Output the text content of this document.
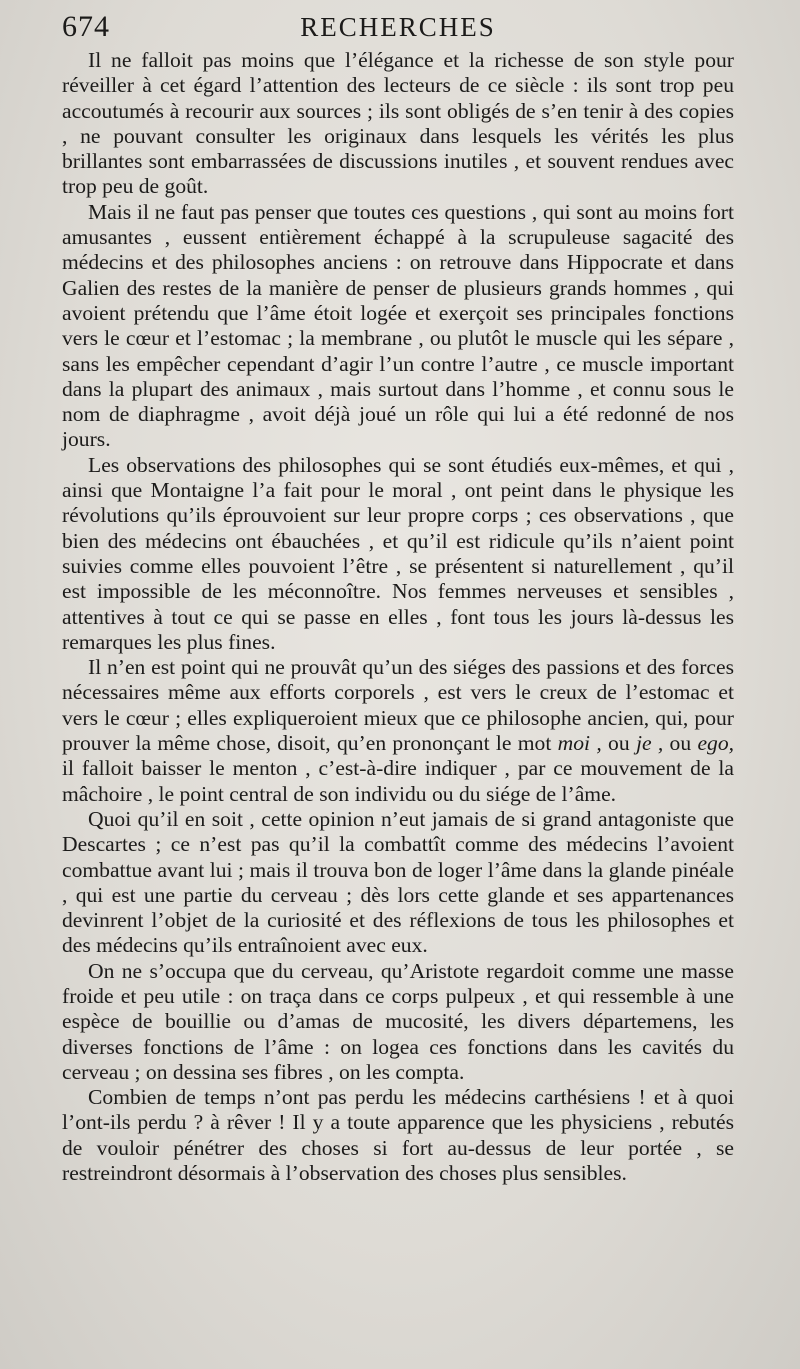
674	RECHERCHES

Il ne falloit pas moins que l’élégance et la richesse de son style pour réveiller à cet égard l’attention des lecteurs de ce siècle : ils sont trop peu accoutumés à recourir aux sources ; ils sont obligés de s’en tenir à des copies , ne pouvant consulter les originaux dans lesquels les vérités les plus brillantes sont embarrassées de discussions inutiles , et souvent rendues avec trop peu de goût.

Mais il ne faut pas penser que toutes ces questions , qui sont au moins fort amusantes , eussent entièrement échappé à la scrupuleuse sagacité des médecins et des philosophes anciens : on retrouve dans Hippocrate et dans Galien des restes de la manière de penser de plusieurs grands hommes , qui avoient prétendu que l’âme étoit logée et exerçoit ses principales fonctions vers le cœur et l’estomac ; la membrane , ou plutôt le muscle qui les sépare , sans les empêcher cependant d’agir l’un contre l’autre , ce muscle important dans la plupart des animaux , mais surtout dans l’homme , et connu sous le nom de diaphragme , avoit déjà joué un rôle qui lui a été redonné de nos jours.

Les observations des philosophes qui se sont étudiés eux-mêmes, et qui , ainsi que Montaigne l’a fait pour le moral , ont peint dans le physique les révolutions qu’ils éprouvoient sur leur propre corps ; ces observations , que bien des médecins ont ébauchées , et qu’il est ridicule qu’ils n’aient point suivies comme elles pouvoient l’être , se présentent si naturellement , qu’il est impossible de les méconnoître. Nos femmes nerveuses et sensibles , attentives à tout ce qui se passe en elles , font tous les jours là-dessus les remarques les plus fines.

Il n’en est point qui ne prouvât qu’un des siéges des passions et des forces nécessaires même aux efforts corporels , est vers le creux de l’estomac et vers le cœur ; elles expliqueroient mieux que ce philosophe ancien, qui, pour prouver la même chose, disoit, qu’en prononçant le mot moi , ou je , ou ego, il falloit baisser le menton , c’est-à-dire indiquer , par ce mouvement de la mâchoire , le point central de son individu ou du siége de l’âme.

Quoi qu’il en soit , cette opinion n’eut jamais de si grand antagoniste que Descartes ; ce n’est pas qu’il la combattît comme des médecins l’avoient combattue avant lui ; mais il trouva bon de loger l’âme dans la glande pinéale , qui est une partie du cerveau ; dès lors cette glande et ses appartenances devinrent l’objet de la curiosité et des réflexions de tous les philosophes et des médecins qu’ils entraînoient avec eux.

On ne s’occupa que du cerveau, qu’Aristote regardoit comme une masse froide et peu utile : on traça dans ce corps pulpeux , et qui ressemble à une espèce de bouillie ou d’amas de mucosité, les divers départemens, les diverses fonctions de l’âme : on logea ces fonctions dans les cavités du cerveau ; on dessina ses fibres , on les compta.

Combien de temps n’ont pas perdu les médecins carthésiens ! et à quoi l’ont-ils perdu ? à rêver ! Il y a toute apparence que les physiciens , rebutés de vouloir pénétrer des choses si fort au-dessus de leur portée , se restreindront désormais à l’observation des choses plus sensibles.
